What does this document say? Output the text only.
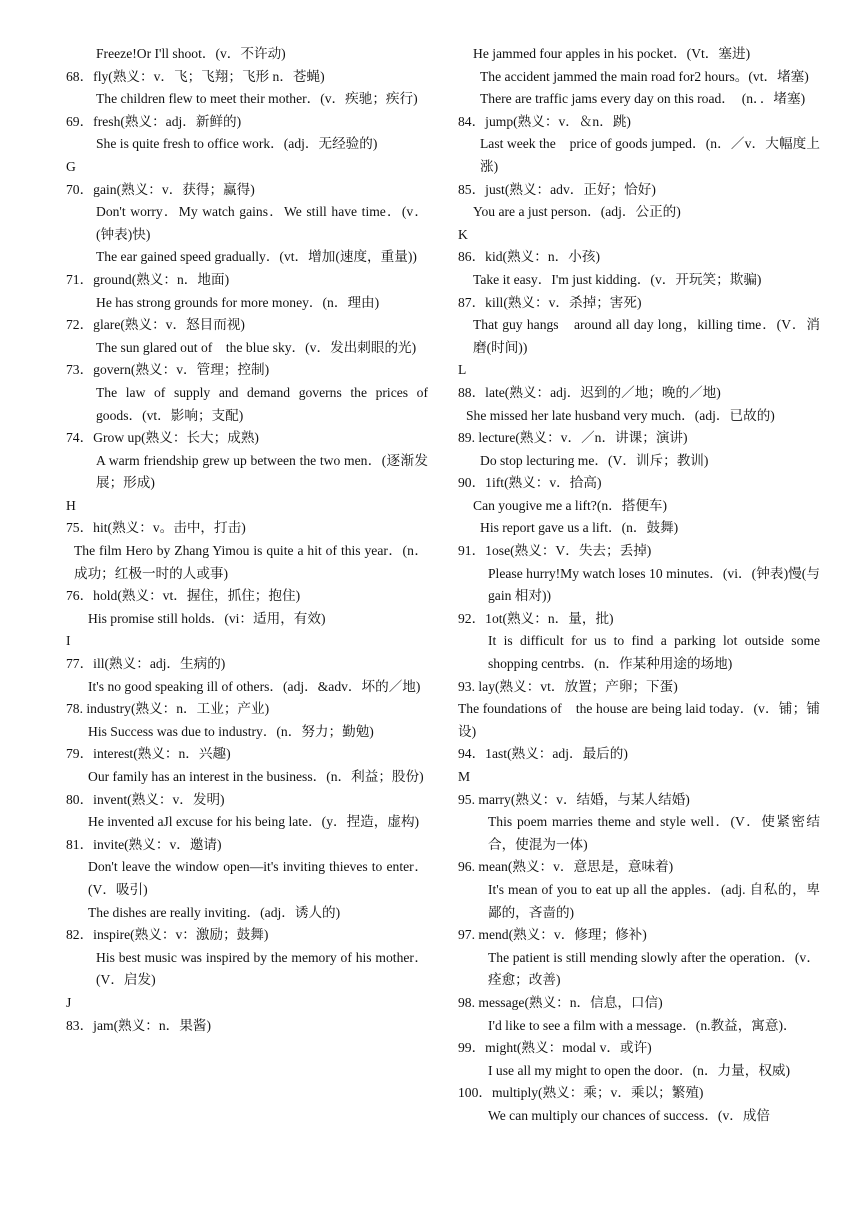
Freeze!Or I'll shoot．(v．不许动)
68．fly(熟义：v．飞；飞翔；飞形 n．苍蝇)
The children flew to meet their mother．(v．疾驰；疾行)
69．fresh(熟义：adj．新鲜的)
She is quite fresh to office work．(adj．无经验的)
G
70．gain(熟义：v．获得；赢得)
Don't worry．My watch gains．We still have time．(v．(钟表)快)
The ear gained speed gradually．(vt．增加(速度，重量))
71．ground(熟义：n．地面)
He has strong grounds for more money．(n．理由)
72．glare(熟义：v．怒目而视)
The sun glared out of　the blue sky．(v．发出刺眼的光)
73．govern(熟义：v．管理；控制)
The law of supply and demand governs the prices of goods．(vt．影响；支配)
74．Grow up(熟义：长大；成熟)
A warm friendship grew up between the two men．(逐渐发展；形成)
H
75．hit(熟义：v。击中，打击)
The film Hero by Zhang Yimou is quite a hit of this year．(n．成功；红极一时的人或事)
76．hold(熟义：vt．握住，抓住；抱住)
His promise still holds．(vi：适用，有效)
I
77．ill(熟义：adj．生病的)
It's no good speaking ill of others．(adj．&adv．坏的／地)
78. industry(熟义：n．工业；产业)
His Success was due to industry．(n．努力；勤勉)
79．interest(熟义：n．兴趣)
Our family has an interest in the business．(n．利益；股份)
80．invent(熟义：v．发明)
He invented aJl excuse for his being late．(y．捏造，虚构)
81．invite(熟义：v．邀请)
Don't leave the window open—it's inviting thieves to enter．(V．吸引)
The dishes are really inviting．(adj．诱人的)
82．inspire(熟义：v：激励；鼓舞)
His best music was inspired by the memory of his mother．(V．启发)
J
83．jam(熟义：n．果酱)
He jammed four apples in his pocket．(Vt．塞进)
The accident jammed the main road for2 hours。(vt．堵塞)
There are traffic jams every day on this road．　(n．．堵塞)
84．jump(熟义：v．＆n．跳)
Last week the　price of goods jumped．(n．／v．大幅度上涨)
85．just(熟义：adv．正好；恰好)
You are a just person．(adj．公正的)
K
86．kid(熟义：n．小孩)
Take it easy．I'm just kidding．(v．开玩笑；欺骗)
87．kill(熟义：v．杀掉；害死)
That guy hangs　around all day long，killing time．(V．消磨(时间))
L
88．late(熟义：adj．迟到的／地；晚的／地)
She missed her late husband very much．(adj．已故的)
89. lecture(熟义：v．／n．讲课；演讲)
Do stop lecturing me．(V．训斥；教训)
90．1ift(熟义：v．拾高)
Can yougive me a lift?(n．搭便车)
His report gave us a lift．(n．鼓舞)
91．1ose(熟义：V．失去；丢掉)
Please hurry!My watch loses 10 minutes．(vi．(钟表)慢(与 gain 相对))
92．1ot(熟义：n．量，批)
It is difficult for us to find a parking lot outside some shopping centrbs．(n．作某种用途的场地)
93. lay(熟义：vt．放置；产卵；下蛋)
The foundations of　the house are being laid today．(v．铺；铺设)
94．1ast(熟义：adj．最后的)
M
95. marry(熟义：v．结婚，与某人结婚)
This poem marries theme and style well．(V．使紧密结合，使混为一体)
96. mean(熟义：v．意思是，意味着)
It's mean of you to eat up all the apples．(adj. 自私的，卑鄙的，吝啬的)
97. mend(熟义：v．修理；修补)
The patient is still mending slowly after the operation．(v．痊愈；改善)
98. message(熟义：n．信息，口信)
I'd like to see a film with a message．(n.教益，寓意)．
99．might(熟义：modal v．或许)
I use all my might to open the door．(n．力量，权威)
100．multiply(熟义：乘；v．乘以；繁殖)
We can multiply our chances of success．(v．成倍
